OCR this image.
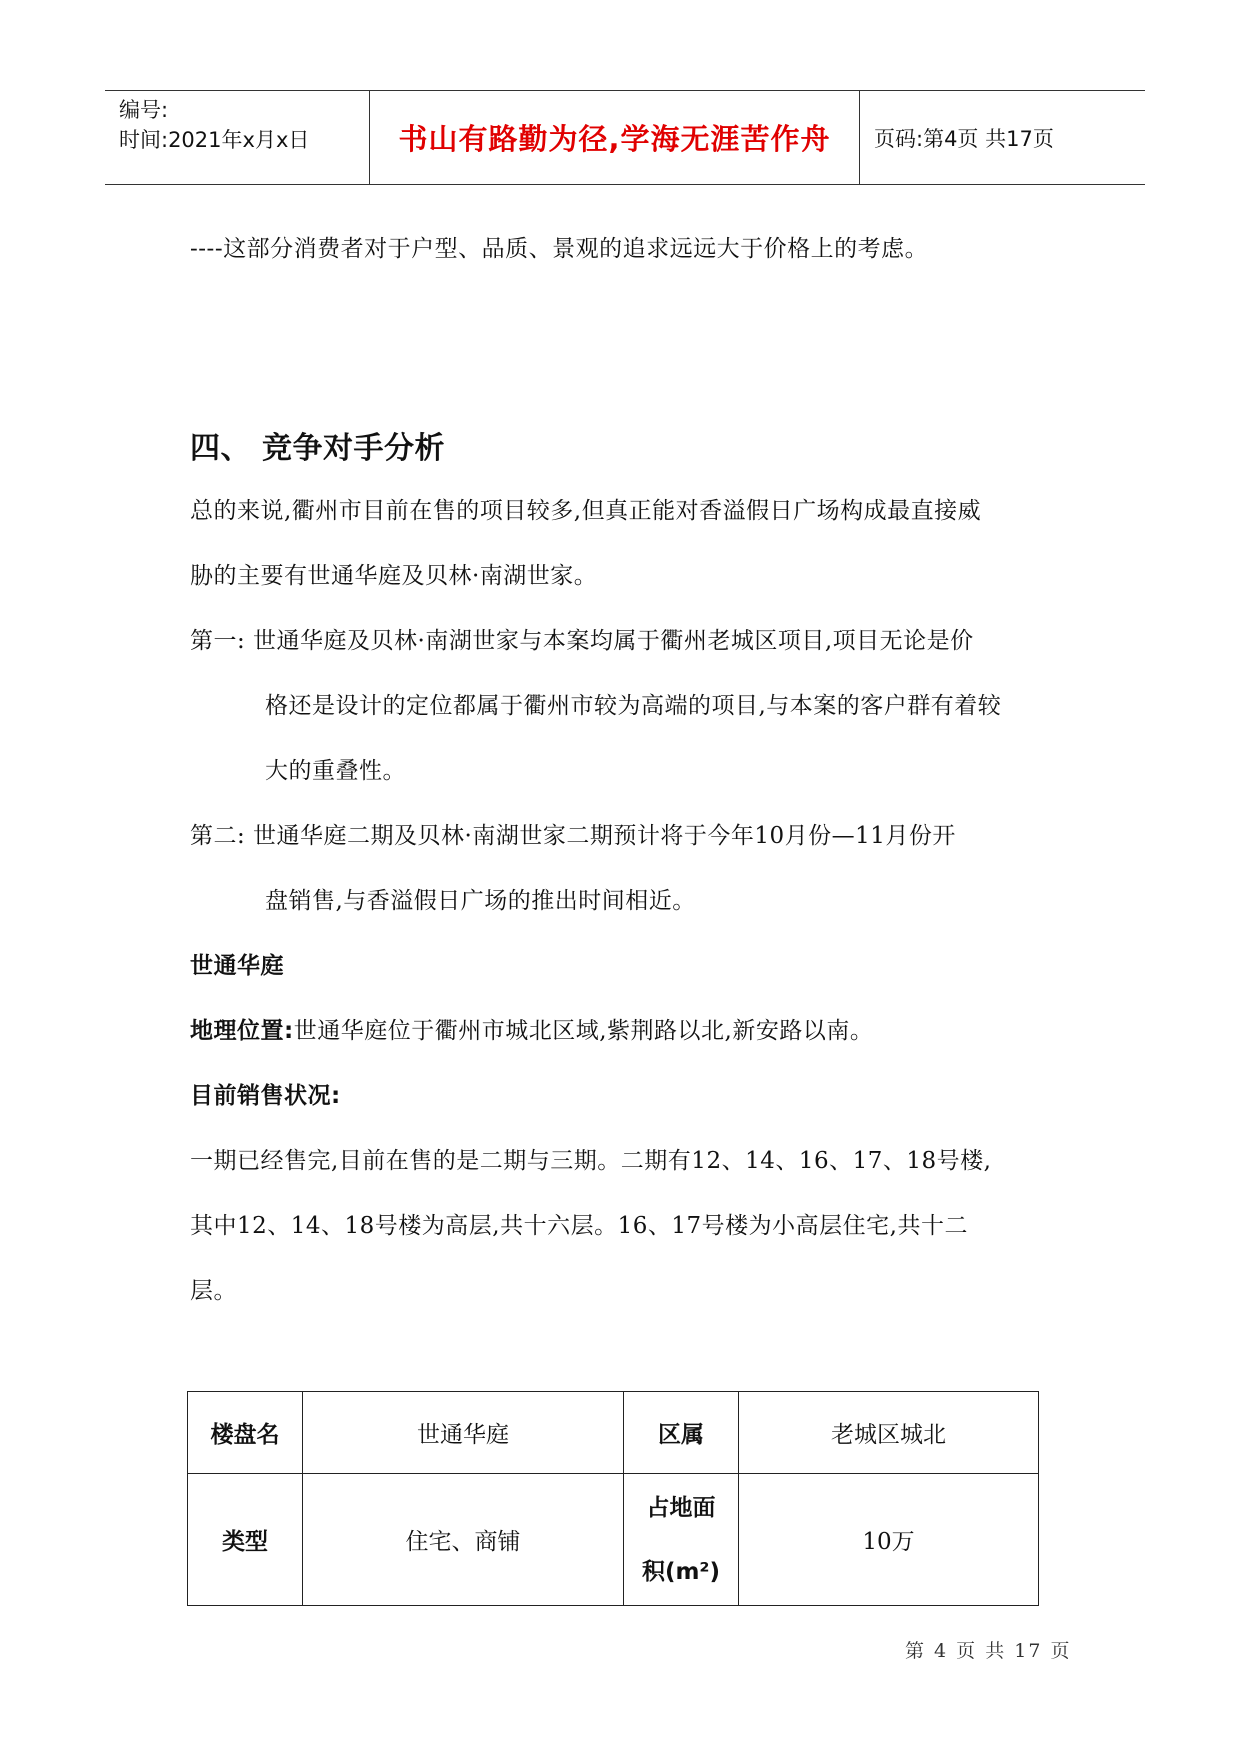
编号:
时间:2021年x月x日	书山有路勤为径,学海无涯苦作舟	页码:第4页 共17页
----这部分消费者对于户型、品质、景观的追求远远大于价格上的考虑。
四、 竞争对手分析
总的来说,衢州市目前在售的项目较多,但真正能对香溢假日广场构成最直接威
胁的主要有世通华庭及贝林·南湖世家。
第一: 世通华庭及贝林·南湖世家与本案均属于衢州老城区项目,项目无论是价
格还是设计的定位都属于衢州市较为高端的项目,与本案的客户群有着较
大的重叠性。
第二: 世通华庭二期及贝林·南湖世家二期预计将于今年10月份—11月份开
盘销售,与香溢假日广场的推出时间相近。
世通华庭
地理位置:世通华庭位于衢州市城北区域,紫荆路以北,新安路以南。
目前销售状况:
一期已经售完,目前在售的是二期与三期。二期有12、14、16、17、18号楼,
其中12、14、18号楼为高层,共十六层。16、17号楼为小高层住宅,共十二
层。
楼盘名	世通华庭	区属	老城区城北
类型	住宅、商铺	占地面
积(m²)	10万
第 4 页 共 17 页
